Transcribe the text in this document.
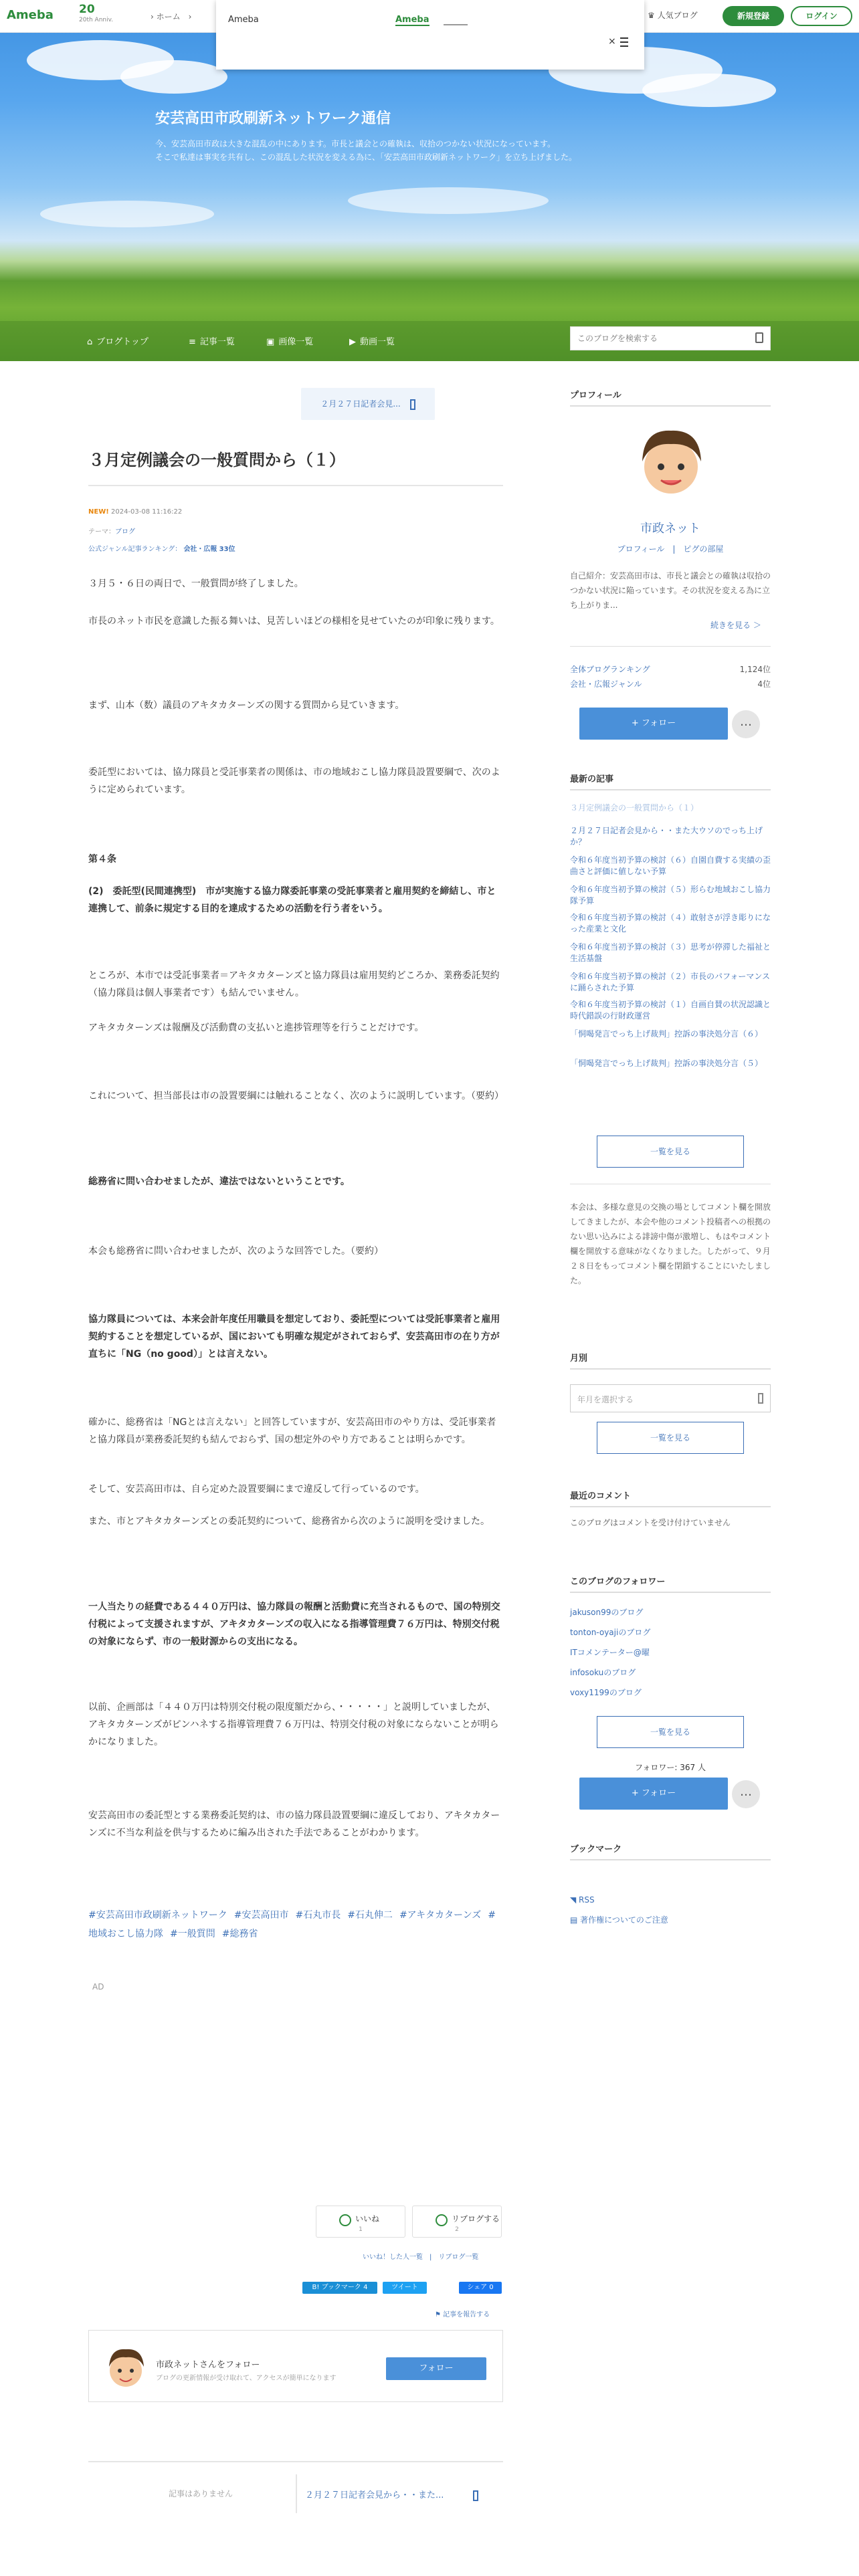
安芸高田市政刷新ネットワーク通信
今、安芸高田市政は大きな混乱の中にあります。市長と議会との確執は、収拾のつかない状況になっています。
そこで私達は事実を共有し、この混乱した状況を変える為に、「安芸高田市政刷新ネットワーク」を立ち上げました。
⌂ ブログトップ	≡ 記事一覧	▣ 画像一覧	▶ 動画一覧
このブログを検索する
Ameba 20
20th Anniv.	› ホーム　›	♛ 人気ブログ	新規登録	ログイン
Ameba	Ameba
×
２月２７日記者会見...
３月定例議会の一般質問から（１）
NEW! 2024-03-08 11:16:22
テーマ：ブログ
公式ジャンル記事ランキング： 会社・広報 33位
３月５・６日の両日で、一般質問が終了しました。
市長のネット市民を意識した振る舞いは、見苦しいほどの様相を見せていたのが印象に残ります。
まず、山本（数）議員のアキタカターンズの関する質問から見ていきます。
委託型においては、協力隊員と受託事業者の関係は、市の地域おこし協力隊員設置要綱で、次のように定められています。
第４条
(2)　委託型(民間連携型)　市が実施する協力隊委託事業の受託事業者と雇用契約を締結し、市と連携して、前条に規定する目的を達成するための活動を行う者をいう。
ところが、本市では受託事業者＝アキタカターンズと協力隊員は雇用契約どころか、業務委託契約（協力隊員は個人事業者です）も結んでいません。
アキタカターンズは報酬及び活動費の支払いと進捗管理等を行うことだけです。
これについて、担当部長は市の設置要綱には触れることなく、次のように説明しています。（要約）
総務省に問い合わせましたが、違法ではないということです。
本会も総務省に問い合わせましたが、次のような回答でした。（要約）
協力隊員については、本来会計年度任用職員を想定しており、委託型については受託事業者と雇用契約することを想定しているが、国においても明確な規定がされておらず、安芸高田市の在り方が直ちに「NG（no good）」とは言えない。
確かに、総務省は「NGとは言えない」と回答していますが、安芸高田市のやり方は、受託事業者と協力隊員が業務委託契約も結んでおらず、国の想定外のやり方であることは明らかです。
そして、安芸高田市は、自ら定めた設置要綱にまで違反して行っているのです。
また、市とアキタカターンズとの委託契約について、総務省から次のように説明を受けました。
一人当たりの経費である４４０万円は、協力隊員の報酬と活動費に充当されるもので、国の特別交付税によって支援されますが、アキタカターンズの収入になる指導管理費７６万円は、特別交付税の対象にならず、市の一般財源からの支出になる。
以前、企画部は「４４０万円は特別交付税の限度額だから、・・・・・」と説明していましたが、アキタカターンズがピンハネする指導管理費７６万円は、特別交付税の対象にならないことが明らかになりました。
安芸高田市の委託型とする業務委託契約は、市の協力隊員設置要綱に違反しており、アキタカターンズに不当な利益を供与するために編み出された手法であることがわかります。
#安芸高田市政刷新ネットワーク #安芸高田市 #石丸市長 #石丸伸二 #アキタカターンズ #地域おこし協力隊 #一般質問 #総務省
AD
いいね
1
リブログする
2
いいね！した人一覧　|　リブログ一覧
B! ブックマーク 4	ツイート	シェア 0
⚑ 記事を報告する
市政ネットさんをフォロー
ブログの更新情報が受け取れて、アクセスが簡単になります
フォロー
記事はありません	２月２７日記者会見から・・また...
プロフィール
市政ネット
プロフィール　|　ピグの部屋
自己紹介：安芸高田市は、市長と議会との確執は収拾のつかない状況に陥っています。その状況を変える為に立ち上がりま...
続きを見る ＞
全体ブログランキング	1,124位
会社・広報ジャンル	4位
+ フォロー	…
最新の記事
３月定例議会の一般質問から（１）
２月２７日記者会見から・・また大ウソのでっち上げか？
令和６年度当初予算の検討（６）自園自費する実績の歪曲さと評価に値しない予算
令和６年度当初予算の検討（５）形らむ地域おこし協力隊予算
令和６年度当初予算の検討（４）敢射さが浮き彫りになった産業と文化
令和６年度当初予算の検討（３）思考が停滞した福祉と生活基盤
令和６年度当初予算の検討（２）市長のパフォーマンスに踊らされた予算
令和６年度当初予算の検討（１）自画自賛の状況認識と時代錯誤の行財政運営
「恫喝発言でっち上げ裁判」控訴の事決処分言（６）
「恫喝発言でっち上げ裁判」控訴の事決処分言（５）
一覧を見る
本会は、多様な意見の交換の場としてコメント欄を開放してきましたが、本会や他のコメント投稿者への根拠のない思い込みによる誹謗中傷が激増し、もはやコメント欄を開放する意味がなくなりました。したがって、９月２８日をもってコメント欄を閉鎖することにいたしました。
月別
年月を選択する
一覧を見る
最近のコメント
このブログはコメントを受け付けていません
このブログのフォロワー
jakuson99のブログ
tonton-oyajiのブログ
ITコメンテーター@曜
infosokuのブログ
voxy1199のブログ
一覧を見る
フォロワー: 367 人
+ フォロー	…
ブックマーク
◥ RSS
▤ 著作権についてのご注意
